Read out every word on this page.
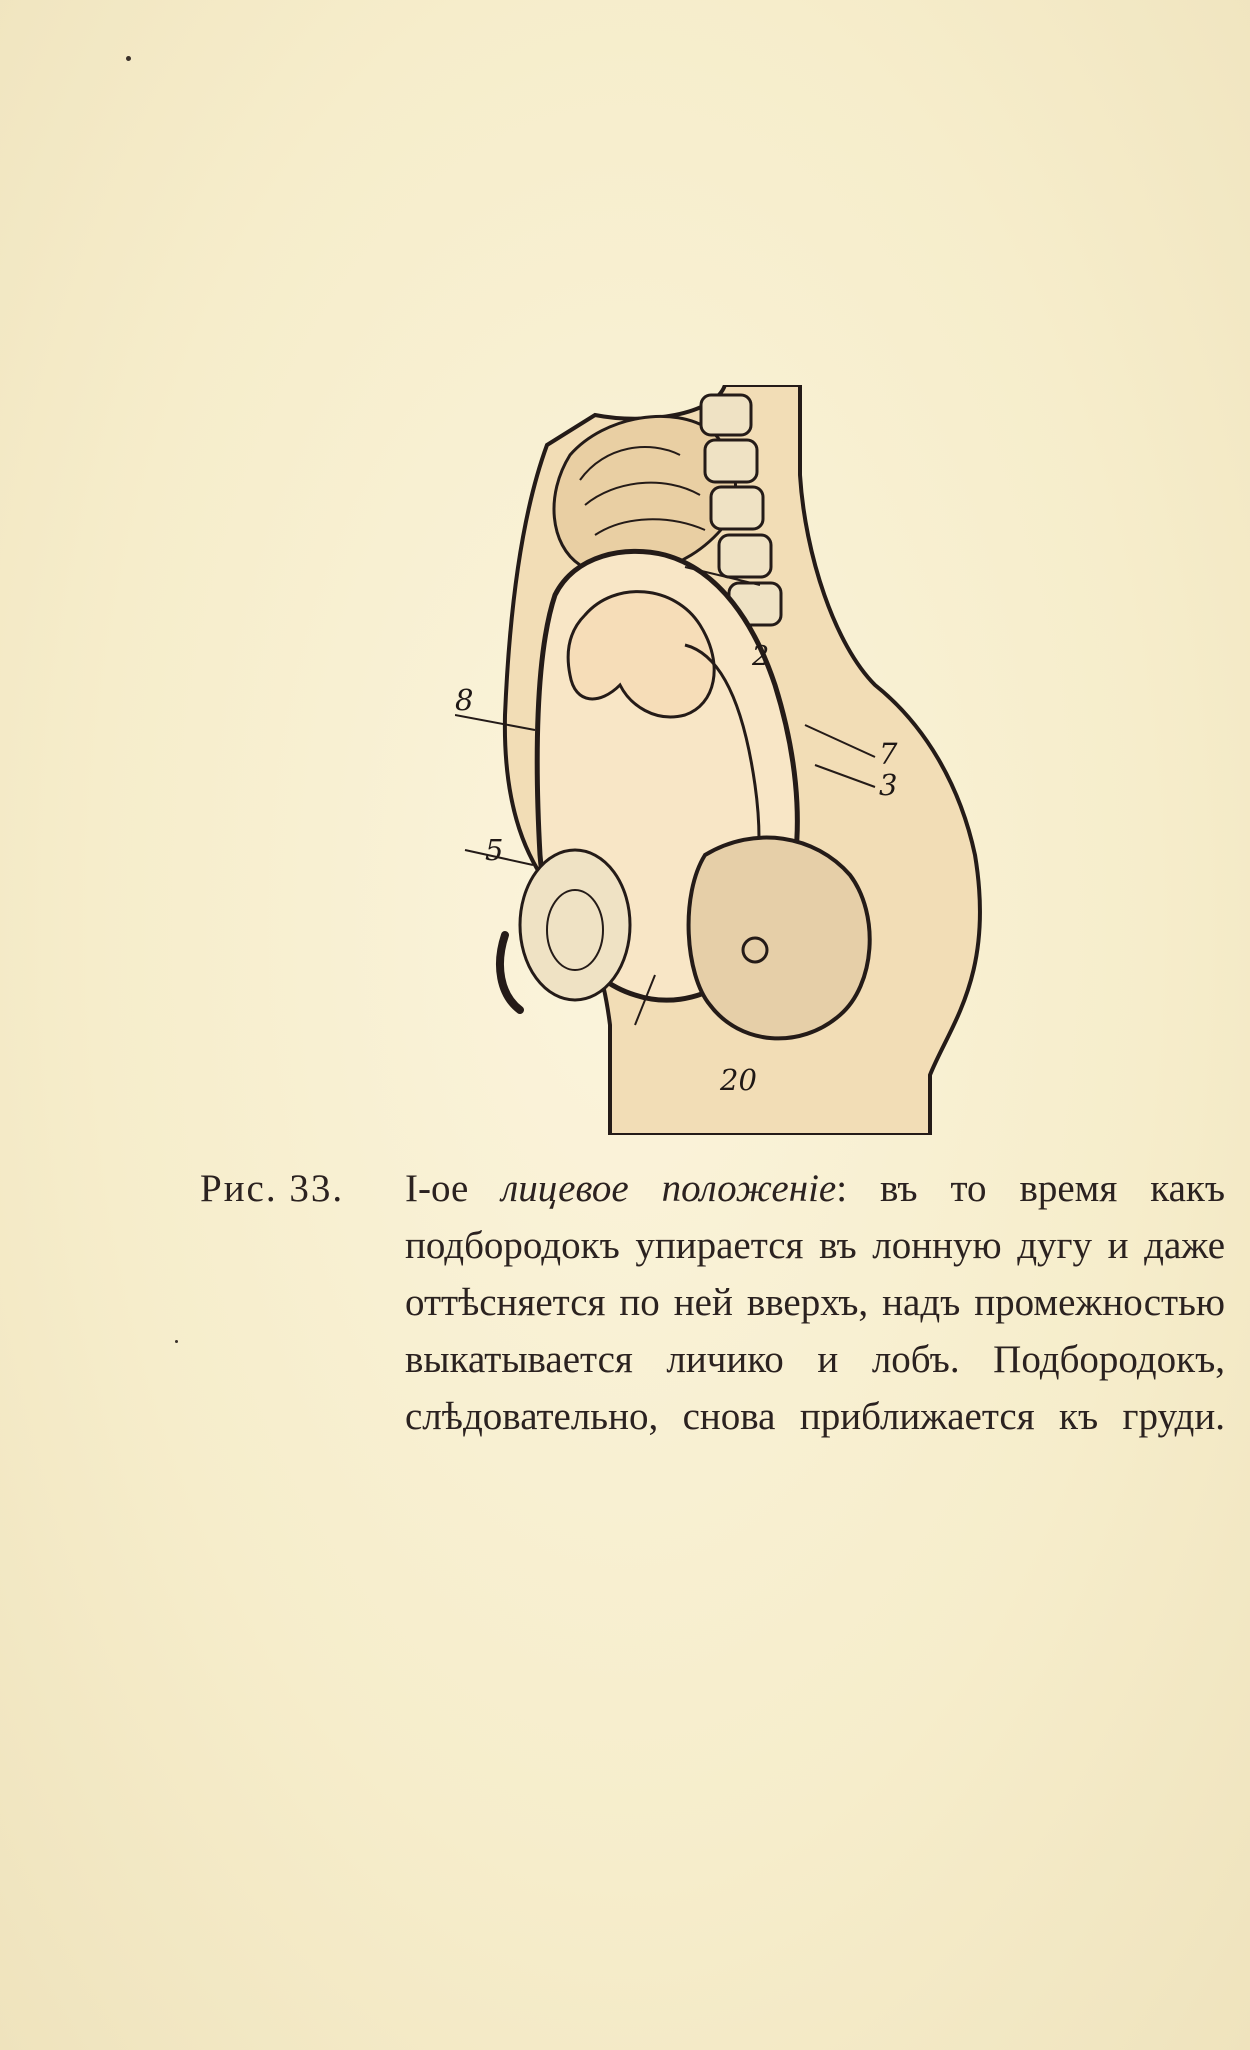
7
3
2
8
5
20
Рис. 33. I-ое лицевое положеніе: въ то время какъ
подбородокъ упирается въ лонную дугу и даже
оттѣсняется по ней вверхъ, надъ промежностью
выкатывается личико и лобъ. Подбородокъ,
слѣдовательно, снова приближается къ груди.
